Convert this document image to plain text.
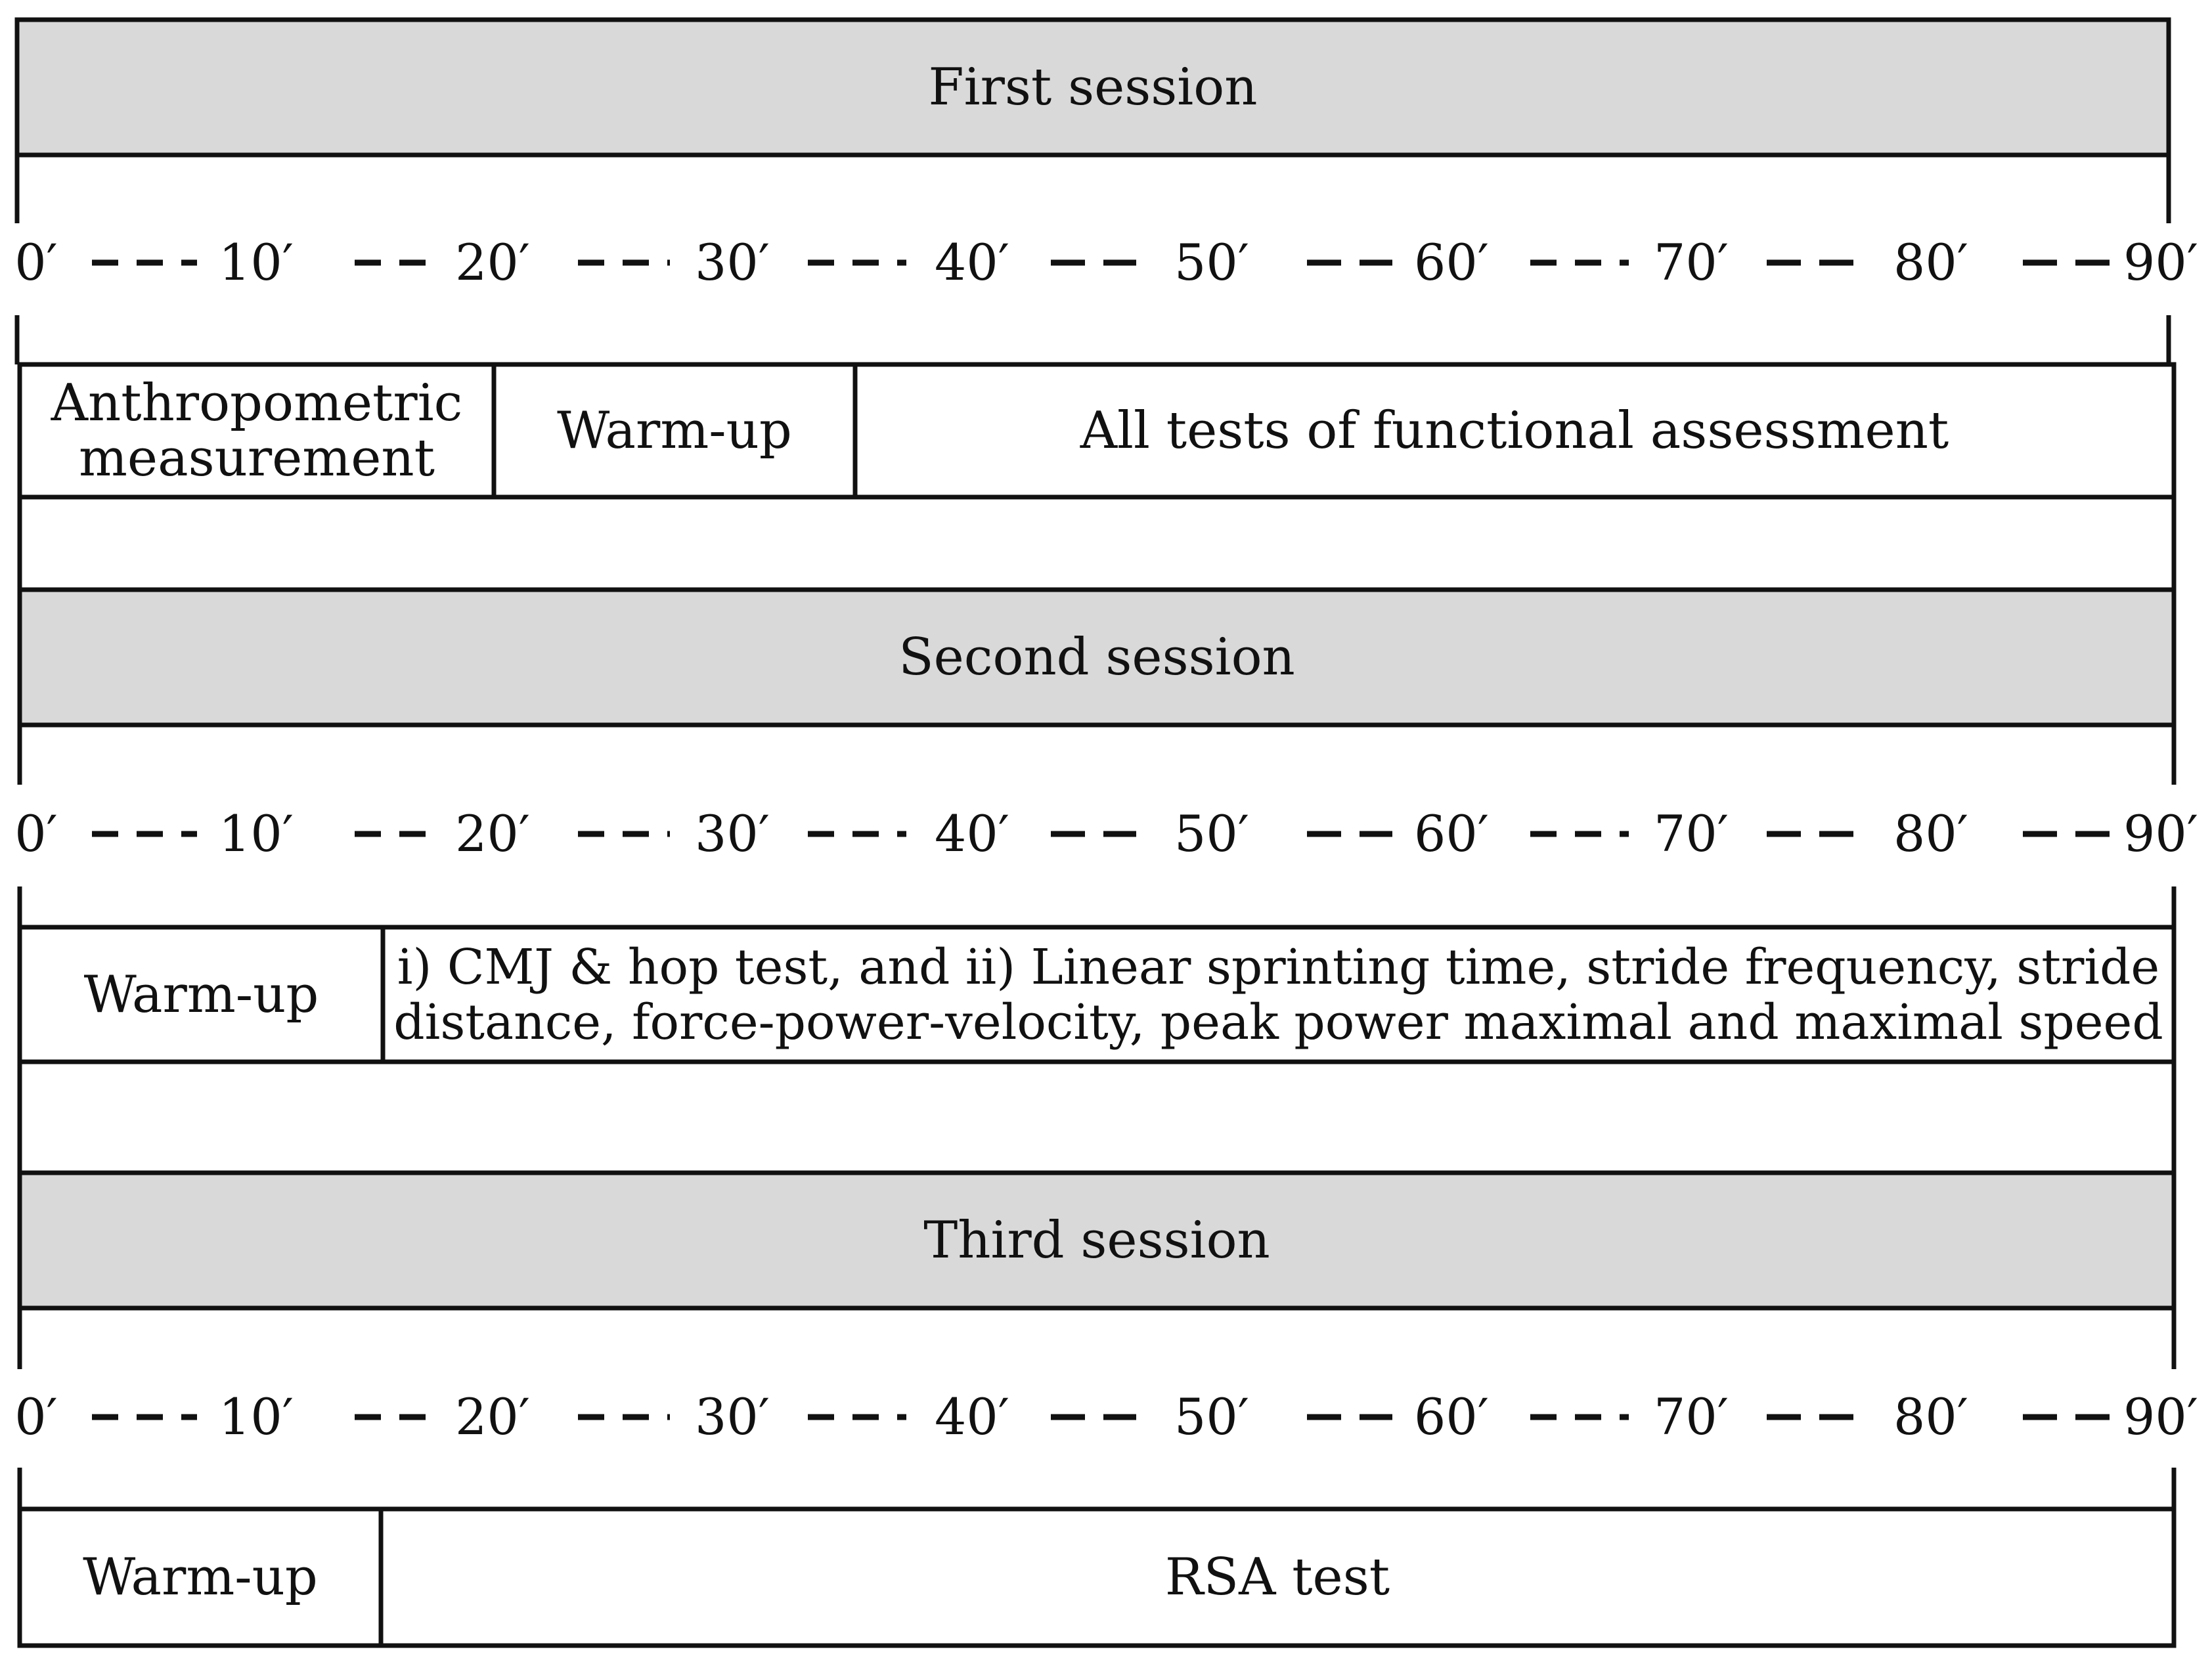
First session
0′	10′	20′	30′	40′	50′	60′	70′	80′	90′
Anthropometric
measurement	Warm-up	All tests of functional assessment
Second session
0′	10′	20′	30′	40′	50′	60′	70′	80′	90′
Warm-up	i) CMJ & hop test, and ii) Linear sprinting time, stride frequency, stride
distance, force-power-velocity, peak power maximal and maximal speed
Third session
0′	10′	20′	30′	40′	50′	60′	70′	80′	90′
Warm-up	RSA test
